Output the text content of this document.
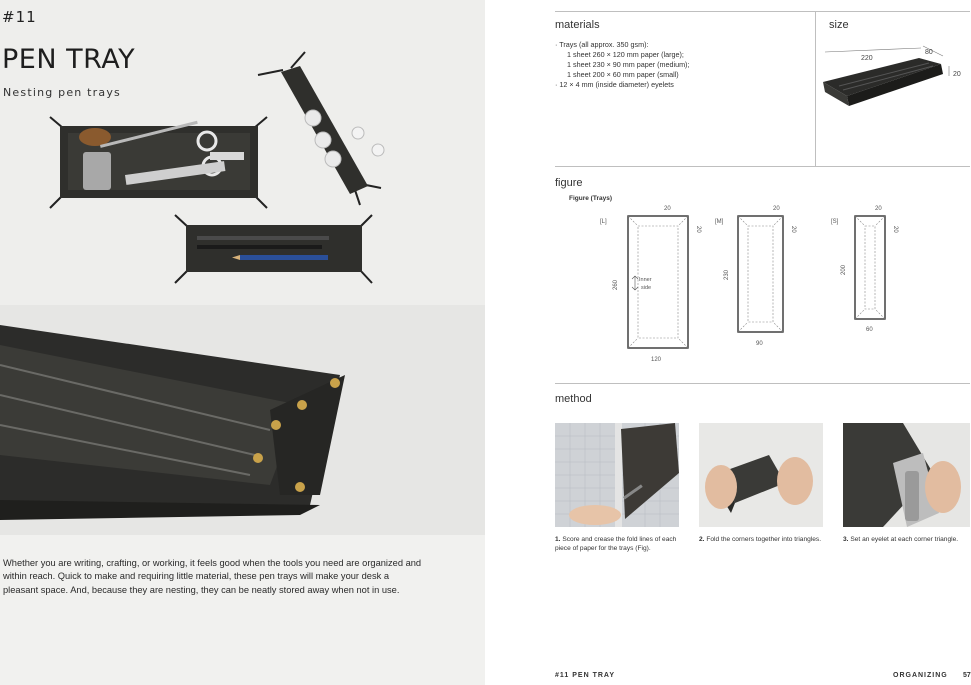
#11
PEN TRAY
Nesting pen trays

Whether you are writing, crafting, or working, it feels good when the tools you need are organized and within reach. Quick to make and requiring little material, these pen trays will make your desk a pleasant space. And, because they are nesting, they can be neatly stored away when not in use.

materials
· Trays (all approx. 350 gsm):
1 sheet 260 × 120 mm paper (large);
1 sheet 230 × 90 mm paper (medium);
1 sheet 200 × 60 mm paper (small)
· 12 × 4 mm (inside diameter) eyelets
size
220
80
20
figure
Figure (Trays)
[L]
20
20
260
120
Inner
side
[M]
20
20
230
90
[S]
20
20
200
60
method

1. Score and crease the fold lines of each piece of paper for the trays (Fig).

2. Fold the corners together into triangles.	3. Set an eyelet at each corner triangle.

#11 PEN TRAY	ORGANIZING 57
